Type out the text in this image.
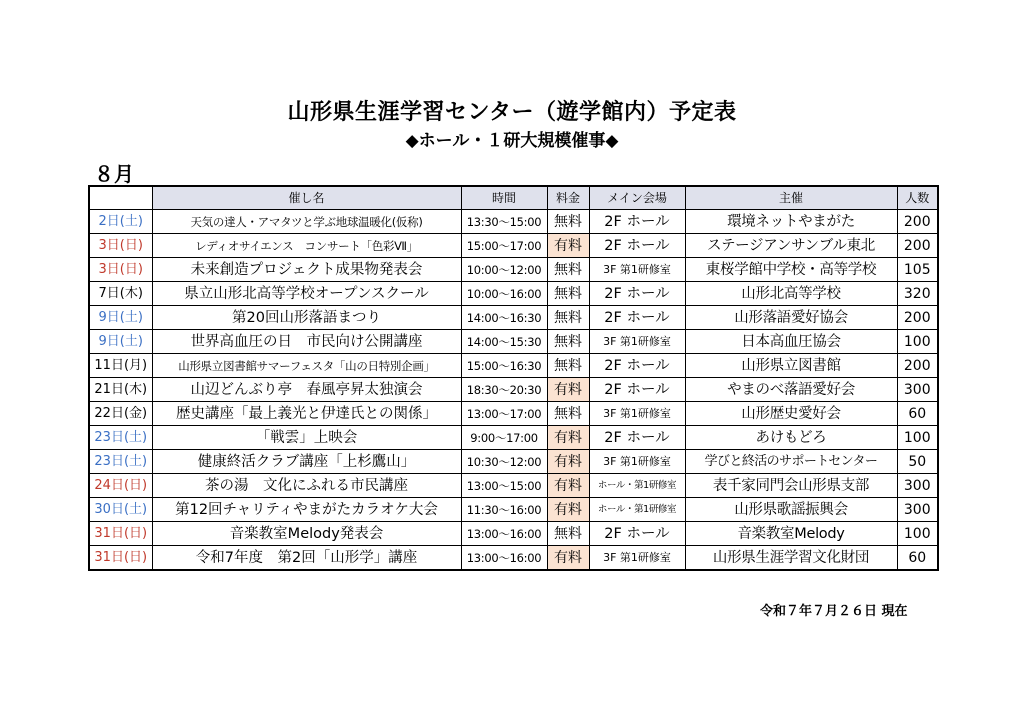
山形県生涯学習センター（遊学館内）予定表
◆ホール・１研大規模催事◆
８月
	催し名	時間	料金	メイン会場	主催	人数
2日(土)	天気の達人・アマタツと学ぶ地球温暖化(仮称)	13:30～15:00	無料	2F ホール	環境ネットやまがた	200
3日(日)	レディオサイエンス　コンサート「色彩Ⅶ」	15:00～17:00	有料	2F ホール	ステージアンサンブル東北	200
3日(日)	未来創造プロジェクト成果物発表会	10:00～12:00	無料	3F 第1研修室	東桜学館中学校・高等学校	105
7日(木)	県立山形北高等学校オープンスクール	10:00～16:00	無料	2F ホール	山形北高等学校	320
9日(土)	第20回山形落語まつり	14:00～16:30	無料	2F ホール	山形落語愛好協会	200
9日(土)	世界高血圧の日　市民向け公開講座	14:00～15:30	無料	3F 第1研修室	日本高血圧協会	100
11日(月)	山形県立図書館サマーフェスタ「山の日特別企画」	15:00～16:30	無料	2F ホール	山形県立図書館	200
21日(木)	山辺どんぶり亭　春風亭昇太独演会	18:30～20:30	有料	2F ホール	やまのべ落語愛好会	300
22日(金)	歴史講座「最上義光と伊達氏との関係」	13:00～17:00	無料	3F 第1研修室	山形歴史愛好会	60
23日(土)	「戦雲」上映会	9:00～17:00	有料	2F ホール	あけもどろ	100
23日(土)	健康終活クラブ講座「上杉鷹山」	10:30～12:00	有料	3F 第1研修室	学びと終活のサポートセンター	50
24日(日)	茶の湯　文化にふれる市民講座	13:00～15:00	有料	ホール・第1研修室	表千家同門会山形県支部	300
30日(土)	第12回チャリティやまがたカラオケ大会	11:30～16:00	有料	ホール・第1研修室	山形県歌謡振興会	300
31日(日)	音楽教室Melody発表会	13:00～16:00	無料	2F ホール	音楽教室Melody	100
31日(日)	令和7年度　第2回「山形学」講座	13:00～16:00	有料	3F 第1研修室	山形県生涯学習文化財団	60
令和７年７月２６日 現在
